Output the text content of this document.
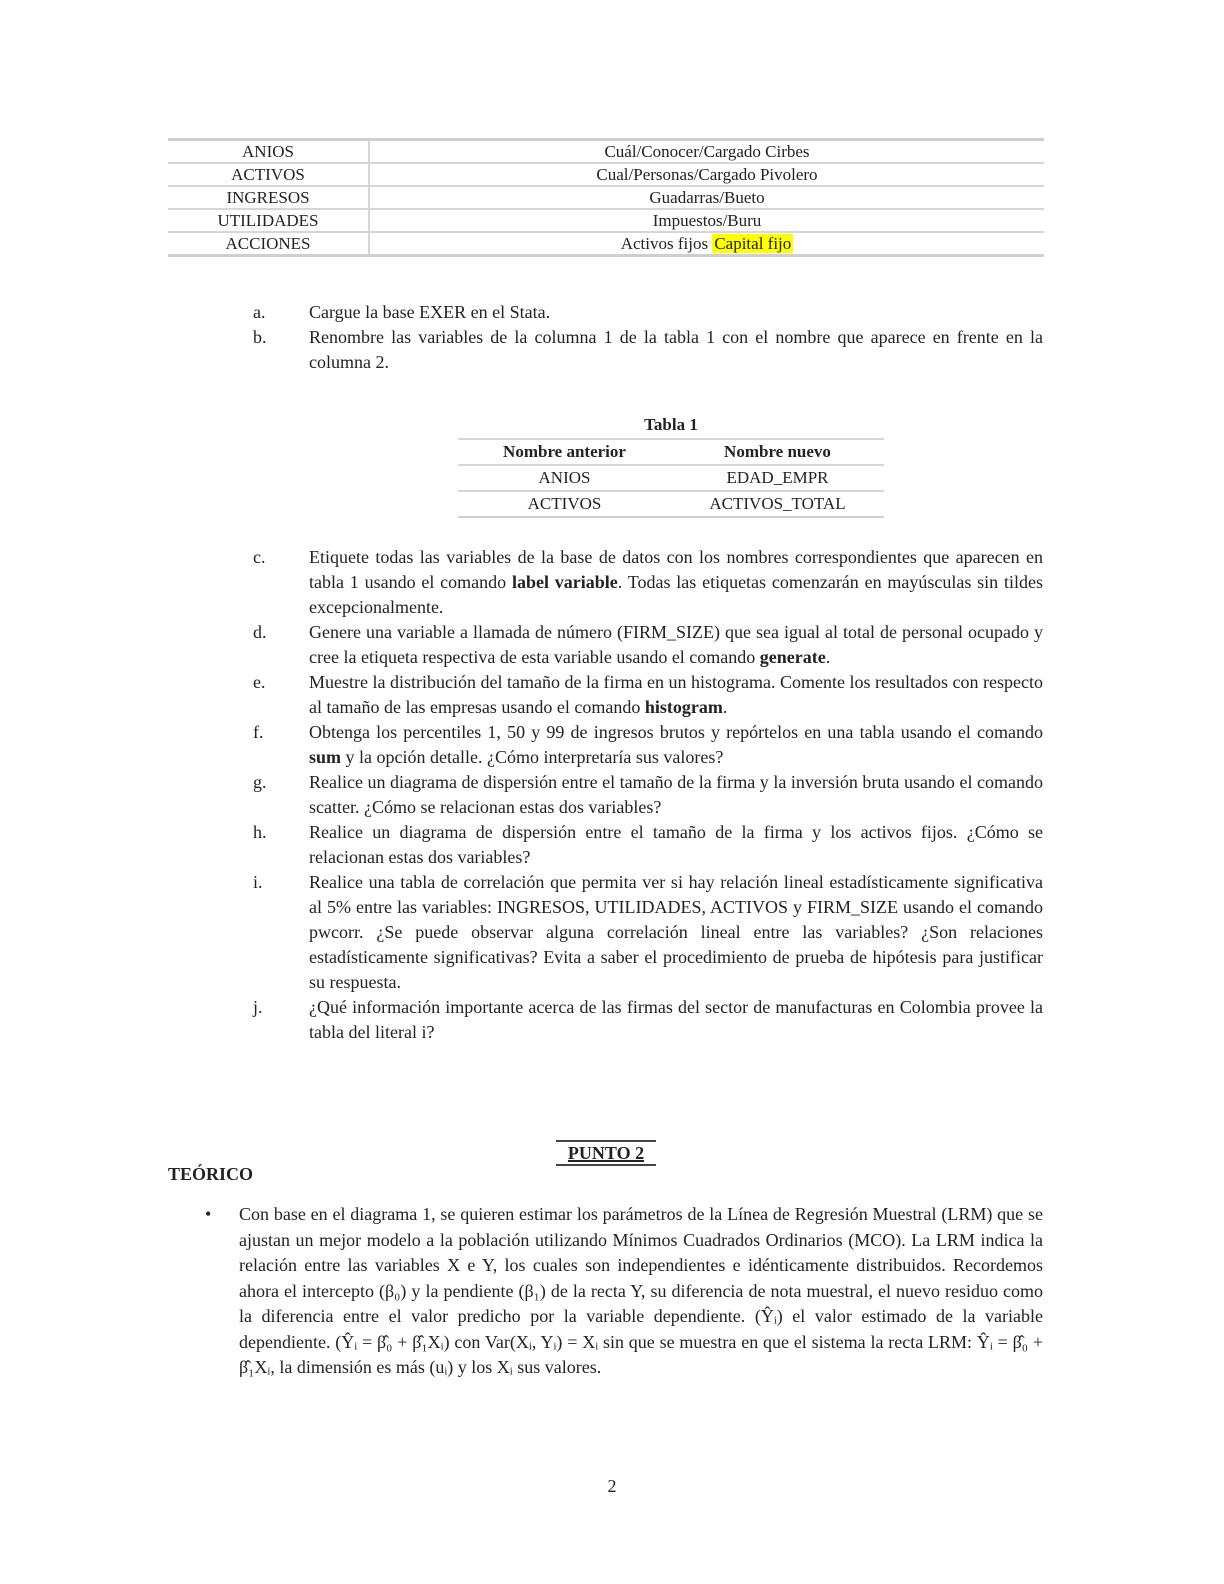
ANIOS	Cuál/Conocer/Cargado Cirbes
ACTIVOS	Cual/Personas/Cargado Pivolero
INGRESOS	Guadarras/Bueto
UTILIDADES	Impuestos/Buru
ACCIONES	Activos fijos Capital fijo
a.	Cargue la base EXER en el Stata.
b.	Renombre las variables de la columna 1 de la tabla 1 con el nombre que aparece en frente en la columna 2.
Tabla 1
Nombre anterior	Nombre nuevo
ANIOS	EDAD_EMPR
ACTIVOS	ACTIVOS_TOTAL
c.	Etiquete todas las variables de la base de datos con los nombres correspondientes que aparecen en tabla 1 usando el comando label variable. Todas las etiquetas comenzarán en mayúsculas sin tildes excepcionalmente.
d.	Genere una variable a llamada de número (FIRM_SIZE) que sea igual al total de personal ocupado y cree la etiqueta respectiva de esta variable usando el comando generate.
e.	Muestre la distribución del tamaño de la firma en un histograma. Comente los resultados con respecto al tamaño de las empresas usando el comando histogram.
f.	Obtenga los percentiles 1, 50 y 99 de ingresos brutos y repórtelos en una tabla usando el comando sum y la opción detalle. ¿Cómo interpretaría sus valores?
g.	Realice un diagrama de dispersión entre el tamaño de la firma y la inversión bruta usando el comando scatter. ¿Cómo se relacionan estas dos variables?
h.	Realice un diagrama de dispersión entre el tamaño de la firma y los activos fijos. ¿Cómo se relacionan estas dos variables?
i.	Realice una tabla de correlación que permita ver si hay relación lineal estadísticamente significativa al 5% entre las variables: INGRESOS, UTILIDADES, ACTIVOS y FIRM_SIZE usando el comando pwcorr. ¿Se puede observar alguna correlación lineal entre las variables? ¿Son relaciones estadísticamente significativas? Evita a saber el procedimiento de prueba de hipótesis para justificar su respuesta.
j.	¿Qué información importante acerca de las firmas del sector de manufacturas en Colombia provee la tabla del literal i?
PUNTO 2
TEÓRICO
• Con base en el diagrama 1, se quieren estimar los parámetros de la Línea de Regresión Muestral (LRM) que se ajustan un mejor modelo a la población utilizando Mínimos Cuadrados Ordinarios (MCO). La LRM indica la relación entre las variables X e Y, los cuales son independientes e idénticamente distribuidos. Recordemos ahora el intercepto (β₀) y la pendiente (β₁) de la recta Y, su diferencia de nota muestral, el nuevo residuo como la diferencia entre el valor predicho por la variable dependiente. (Ŷᵢ) el valor estimado de la variable dependiente. (Ŷᵢ = β̂₀ + β̂₁Xᵢ) con Var(Xᵢ, Yᵢ) = Xᵢ sin que se muestra en que el sistema la recta LRM: Ŷᵢ = β̂₀ + β̂₁Xᵢ, la dimensión es más (uᵢ) y los Xᵢ sus valores.
2
